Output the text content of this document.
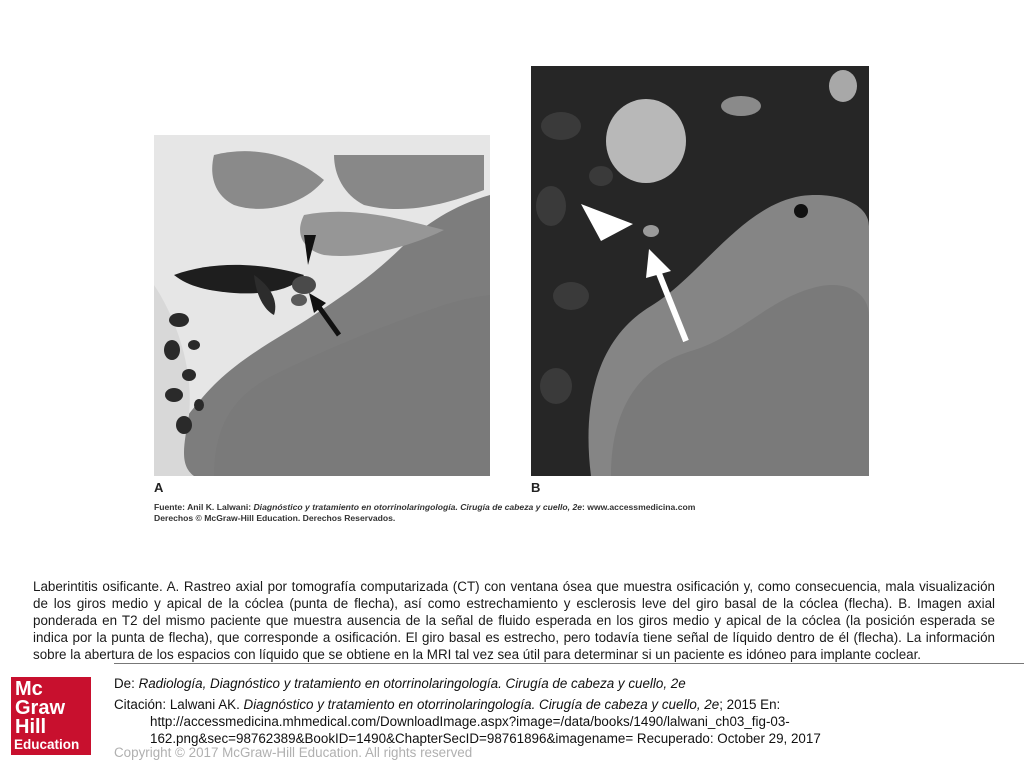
A	B
Fuente: Anil K. Lalwani: Diagnóstico y tratamiento en otorrinolaringología. Cirugía de cabeza y cuello, 2e: www.accessmedicina.com
Derechos © McGraw-Hill Education. Derechos Reservados.
Laberintitis osificante. A. Rastreo axial por tomografía computarizada (CT) con ventana ósea que muestra osificación y, como consecuencia, mala visualización de los giros medio y apical de la cóclea (punta de flecha), así como estrechamiento y esclerosis leve del giro basal de la cóclea (flecha). B. Imagen axial ponderada en T2 del mismo paciente que muestra ausencia de la señal de fluido esperada en los giros medio y apical de la cóclea (la posición esperada se indica por la punta de flecha), que corresponde a osificación. El giro basal es estrecho, pero todavía tiene señal de líquido dentro de él (flecha). La información sobre la abertura de los espacios con líquido que se obtiene en la MRI tal vez sea útil para determinar si un paciente es idóneo para implante coclear.
Mc
Graw
Hill
Education
De: Radiología, Diagnóstico y tratamiento en otorrinolaringología. Cirugía de cabeza y cuello, 2e
Citación: Lalwani AK. Diagnóstico y tratamiento en otorrinolaringología. Cirugía de cabeza y cuello, 2e; 2015 En:
http://accessmedicina.mhmedical.com/DownloadImage.aspx?image=/data/books/1490/lalwani_ch03_fig-03-
162.png&sec=98762389&BookID=1490&ChapterSecID=98761896&imagename= Recuperado: October 29, 2017
Copyright © 2017 McGraw-Hill Education. All rights reserved
